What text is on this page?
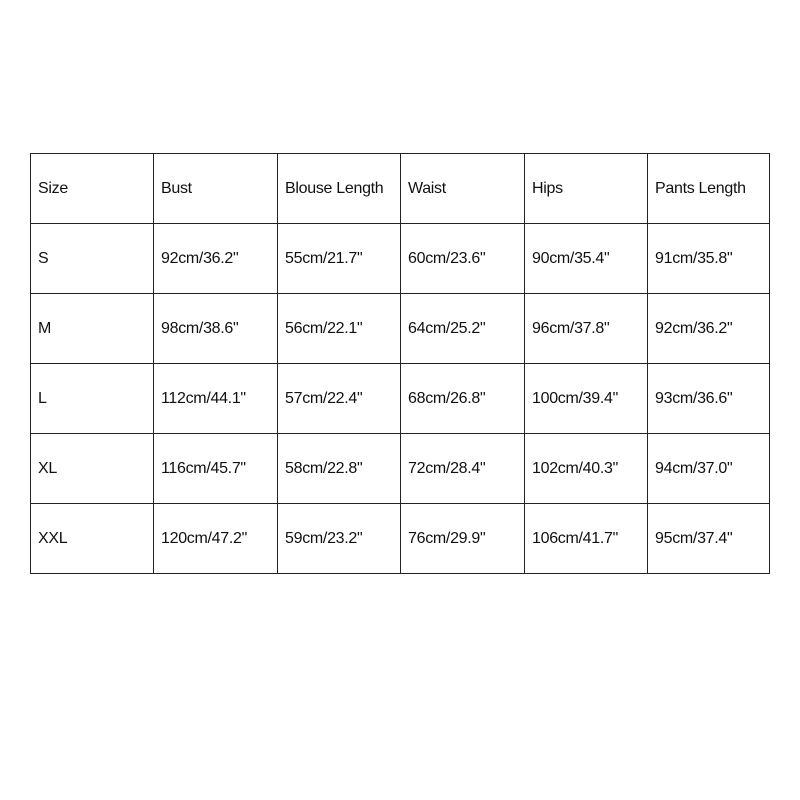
Size	Bust	Blouse Length	Waist	Hips	Pants Length
S	92cm/36.2"	55cm/21.7"	60cm/23.6"	90cm/35.4"	91cm/35.8"
M	98cm/38.6"	56cm/22.1"	64cm/25.2"	96cm/37.8"	92cm/36.2"
L	112cm/44.1"	57cm/22.4"	68cm/26.8"	100cm/39.4"	93cm/36.6"
XL	116cm/45.7"	58cm/22.8"	72cm/28.4"	102cm/40.3"	94cm/37.0"
XXL	120cm/47.2"	59cm/23.2"	76cm/29.9"	106cm/41.7"	95cm/37.4"
